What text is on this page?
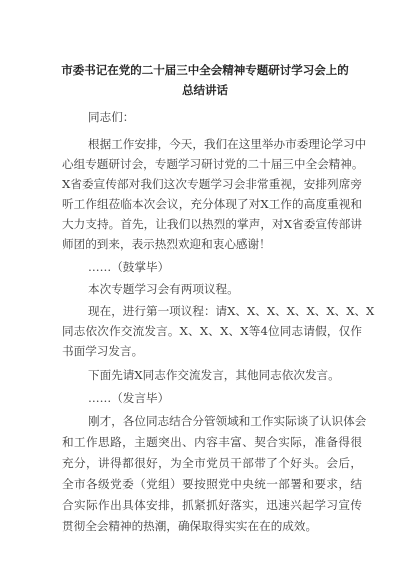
市委书记在党的二十届三中全会精神专题研讨学习会上的
总结讲话
同志们：
根据工作安排，今天，我们在这里举办市委理论学习中
心组专题研讨会，专题学习研讨党的二十届三中全会精神。
X省委宣传部对我们这次专题学习会非常重视，安排列席旁
听工作组莅临本次会议，充分体现了对X工作的高度重视和
大力支持。首先，让我们以热烈的掌声，对X省委宣传部讲
师团的到来，表示热烈欢迎和衷心感谢！
……（鼓掌毕）
本次专题学习会有两项议程。
现在，进行第一项议程：请X、X、X、X、X、X、X、X
同志依次作交流发言。X、X、X、X等4位同志请假，仅作
书面学习发言。
下面先请X同志作交流发言，其他同志依次发言。
……（发言毕）
刚才，各位同志结合分管领域和工作实际谈了认识体会
和工作思路，主题突出、内容丰富、契合实际，准备得很
充分，讲得都很好，为全市党员干部带了个好头。会后，
全市各级党委（党组）要按照党中央统一部署和要求，结
合实际作出具体安排，抓紧抓好落实，迅速兴起学习宣传
贯彻全会精神的热潮，确保取得实实在在的成效。
